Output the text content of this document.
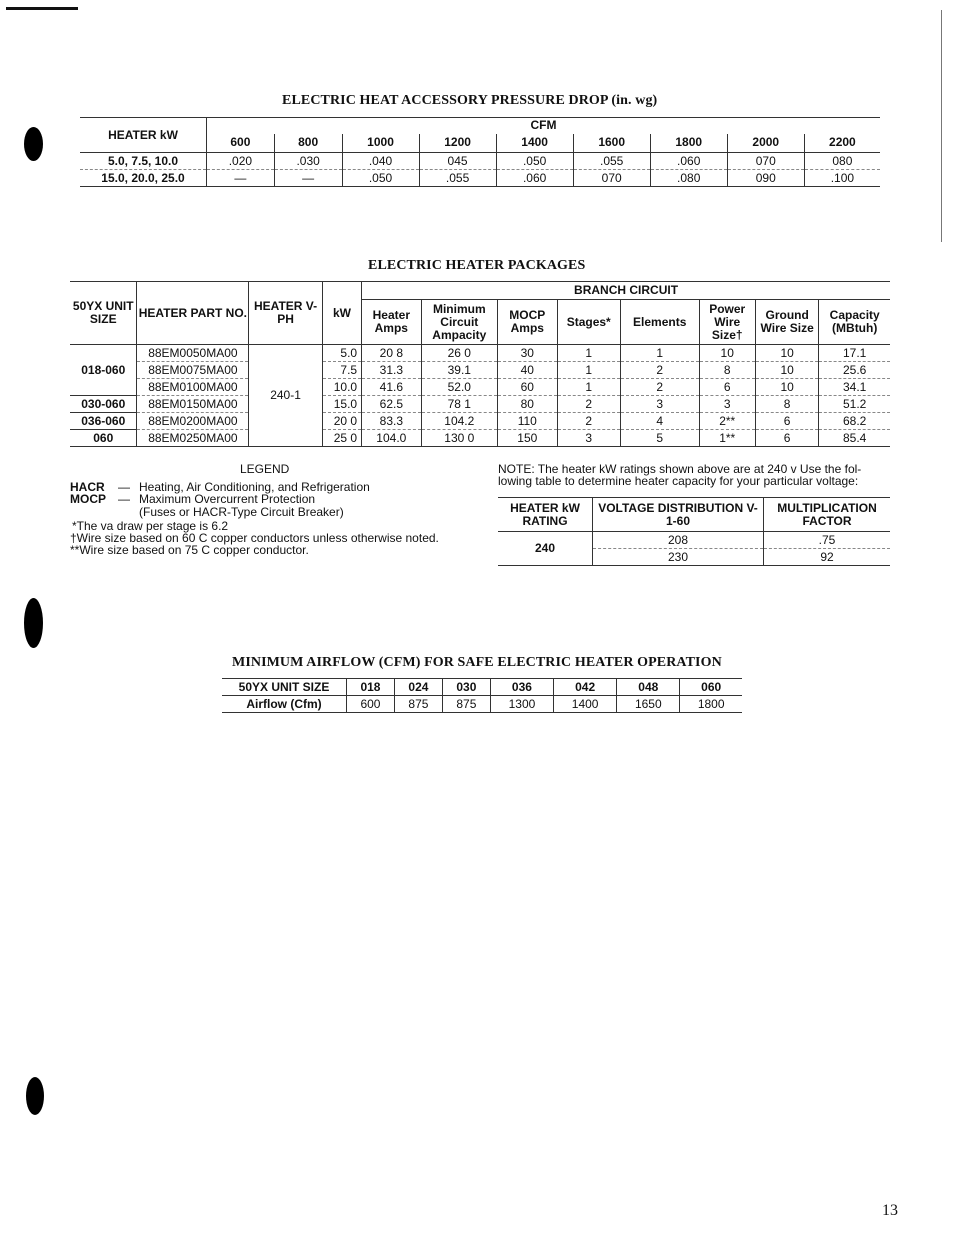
ELECTRIC HEAT ACCESSORY PRESSURE DROP (in. wg)
HEATER kW	CFM								
	600	800	1000	1200	1400	1600	1800	2000	2200
5.0, 7.5, 10.0	.020	.030	.040	045	.050	.055	.060	070	080
15.0, 20.0, 25.0	—	—	.050	.055	.060	070	.080	090	.100
ELECTRIC HEATER PACKAGES
50YX UNIT SIZE	HEATER PART NO.	HEATER V-PH	kW	BRANCH CIRCUIT							
				Heater Amps	Minimum Circuit Ampacity	MOCP Amps	Stages*	Elements	Power Wire Size†	Ground Wire Size	Capacity (MBtuh)
018-060	88EM0050MA00	240-1	5.0	20 8	26 0	30	1	1	10	10	17.1
	88EM0075MA00		7.5	31.3	39.1	40	1	2	8	10	25.6
	88EM0100MA00		10.0	41.6	52.0	60	1	2	6	10	34.1
030-060	88EM0150MA00		15.0	62.5	78 1	80	2	3	3	8	51.2
036-060	88EM0200MA00		20 0	83.3	104.2	110	2	4	2**	6	68.2
060	88EM0250MA00		25 0	104.0	130 0	150	3	5	1**	6	85.4
LEGEND
HACR — Heating, Air Conditioning, and Refrigeration
MOCP — Maximum Overcurrent Protection
(Fuses or HACR-Type Circuit Breaker)
*The va draw per stage is 6.2
†Wire size based on 60 C copper conductors unless otherwise noted.
**Wire size based on 75 C copper conductor.
NOTE: The heater kW ratings shown above are at 240 v Use the fol-
lowing table to determine heater capacity for your particular voltage:
HEATER kW RATING	VOLTAGE DISTRIBUTION V-1-60	MULTIPLICATION FACTOR
240	208	.75
	230	92
MINIMUM AIRFLOW (CFM) FOR SAFE ELECTRIC HEATER OPERATION
50YX UNIT SIZE	018	024	030	036	042	048	060
Airflow (Cfm)	600	875	875	1300	1400	1650	1800
13
